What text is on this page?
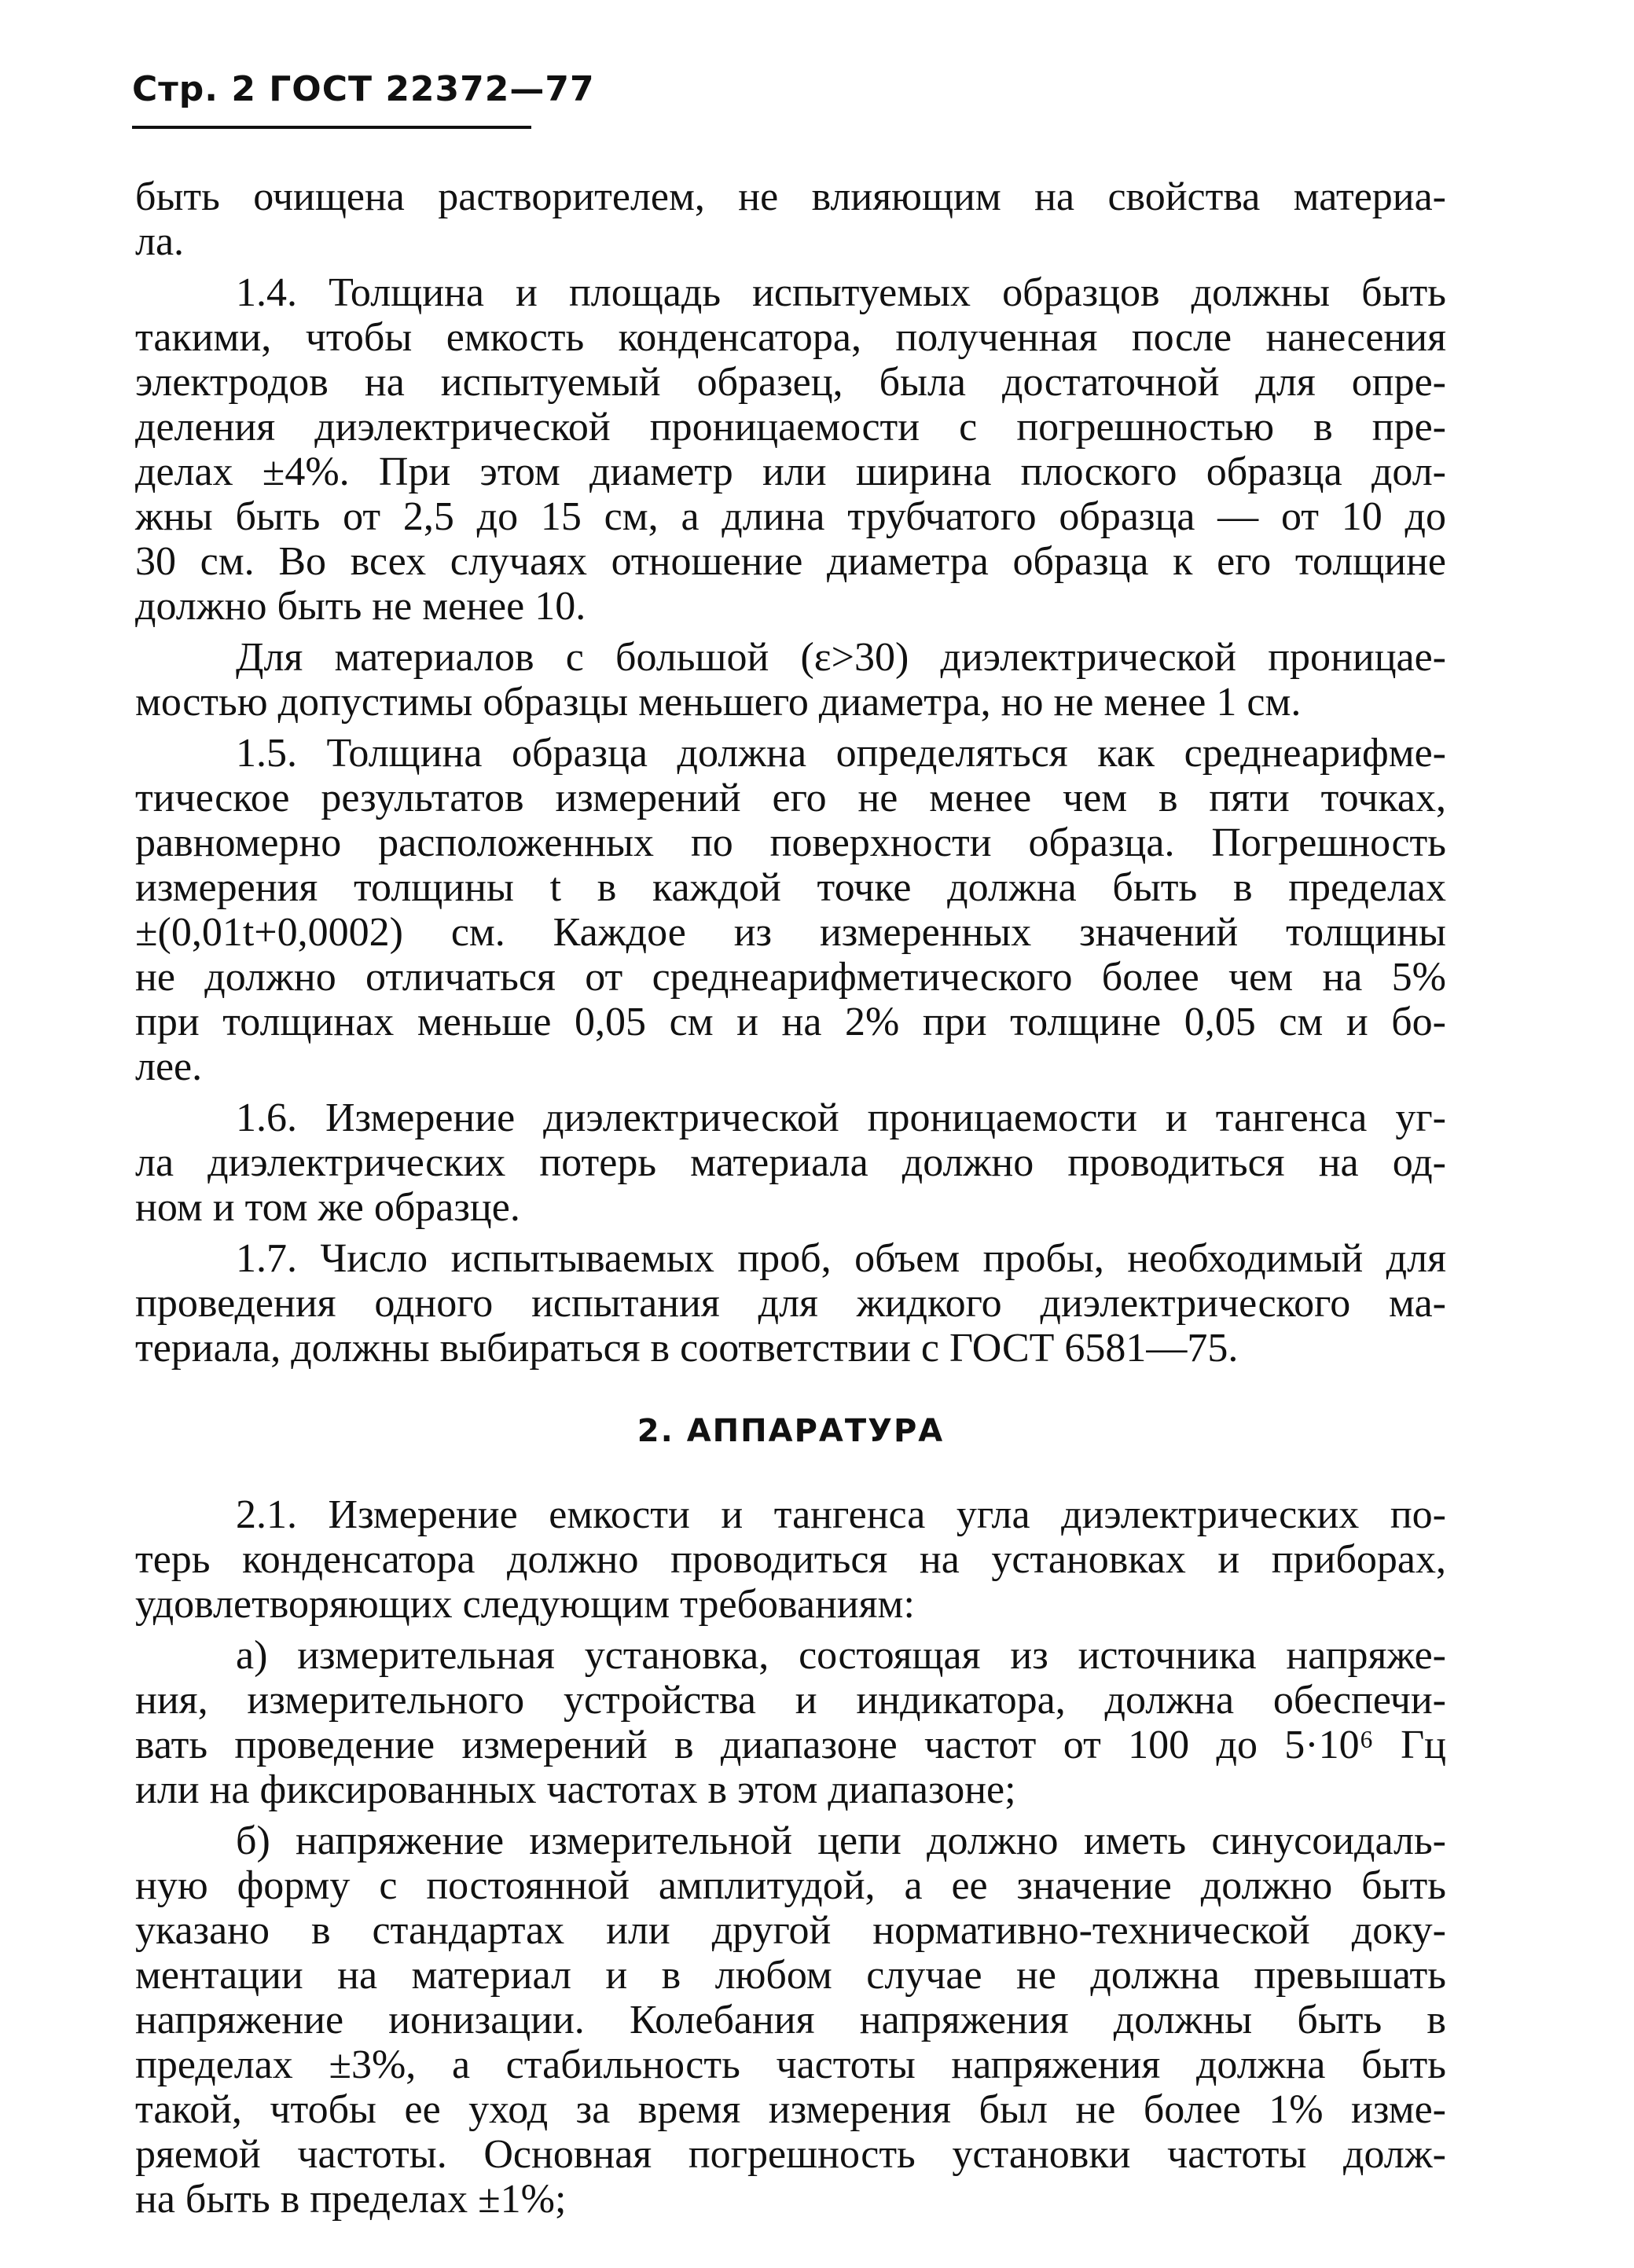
Стр. 2 ГОСТ 22372—77
быть очищена растворителем, не влияющим на свойства материа-
ла.
1.4. Толщина и площадь испытуемых образцов должны быть
такими, чтобы емкость конденсатора, полученная после нанесения
электродов на испытуемый образец, была достаточной для опре-
деления диэлектрической проницаемости с погрешностью в пре-
делах ±4%. При этом диаметр или ширина плоского образца дол-
жны быть от 2,5 до 15 см, а длина трубчатого образца — от 10 до
30 см. Во всех случаях отношение диаметра образца к его толщине
должно быть не менее 10.
Для материалов с большой (ε>30) диэлектрической проницае-
мостью допустимы образцы меньшего диаметра, но не менее 1 см.
1.5. Толщина образца должна определяться как среднеарифме-
тическое результатов измерений его не менее чем в пяти точках,
равномерно расположенных по поверхности образца. Погрешность
измерения толщины t в каждой точке должна быть в пределах
±(0,01t+0,0002) см. Каждое из измеренных значений толщины
не должно отличаться от среднеарифметического более чем на 5%
при толщинах меньше 0,05 см и на 2% при толщине 0,05 см и бо-
лее.
1.6. Измерение диэлектрической проницаемости и тангенса уг-
ла диэлектрических потерь материала должно проводиться на од-
ном и том же образце.
1.7. Число испытываемых проб, объем пробы, необходимый для
проведения одного испытания для жидкого диэлектрического ма-
териала, должны выбираться в соответствии с ГОСТ 6581—75.
2. АППАРАТУРА
2.1. Измерение емкости и тангенса угла диэлектрических по-
терь конденсатора должно проводиться на установках и приборах,
удовлетворяющих следующим требованиям:
а) измерительная установка, состоящая из источника напряже-
ния, измерительного устройства и индикатора, должна обеспечи-
вать проведение измерений в диапазоне частот от 100 до 5·10⁶ Гц
или на фиксированных частотах в этом диапазоне;
б) напряжение измерительной цепи должно иметь синусоидаль-
ную форму с постоянной амплитудой, а ее значение должно быть
указано в стандартах или другой нормативно-технической доку-
ментации на материал и в любом случае не должна превышать
напряжение ионизации. Колебания напряжения должны быть в
пределах ±3%, а стабильность частоты напряжения должна быть
такой, чтобы ее уход за время измерения был не более 1% изме-
ряемой частоты. Основная погрешность установки частоты долж-
на быть в пределах ±1%;
